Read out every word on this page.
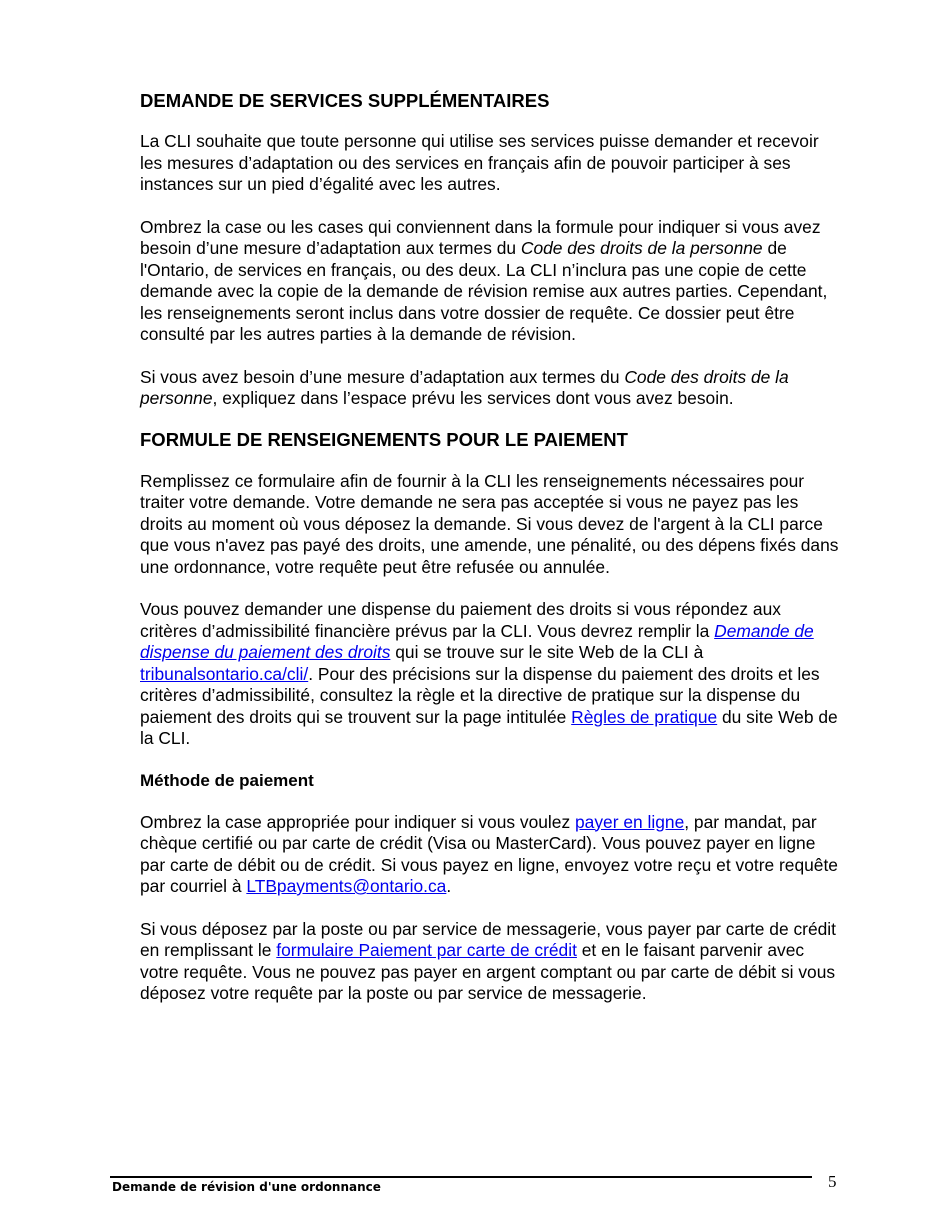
DEMANDE DE SERVICES SUPPLÉMENTAIRES

La CLI souhaite que toute personne qui utilise ses services puisse demander et recevoir les mesures d’adaptation ou des services en français afin de pouvoir participer à ses instances sur un pied d’égalité avec les autres.

Ombrez la case ou les cases qui conviennent dans la formule pour indiquer si vous avez besoin d’une mesure d’adaptation aux termes du Code des droits de la personne de l'Ontario, de services en français, ou des deux. La CLI n’inclura pas une copie de cette demande avec la copie de la demande de révision remise aux autres parties. Cependant, les renseignements seront inclus dans votre dossier de requête. Ce dossier peut être consulté par les autres parties à la demande de révision.

Si vous avez besoin d’une mesure d’adaptation aux termes du Code des droits de la personne, expliquez dans l’espace prévu les services dont vous avez besoin.

FORMULE DE RENSEIGNEMENTS POUR LE PAIEMENT

Remplissez ce formulaire afin de fournir à la CLI les renseignements nécessaires pour traiter votre demande. Votre demande ne sera pas acceptée si vous ne payez pas les droits au moment où vous déposez la demande. Si vous devez de l'argent à la CLI parce que vous n'avez pas payé des droits, une amende, une pénalité, ou des dépens fixés dans une ordonnance, votre requête peut être refusée ou annulée.

Vous pouvez demander une dispense du paiement des droits si vous répondez aux critères d’admissibilité financière prévus par la CLI. Vous devrez remplir la Demande de dispense du paiement des droits qui se trouve sur le site Web de la CLI à tribunalsontario.ca/cli/. Pour des précisions sur la dispense du paiement des droits et les critères d’admissibilité, consultez la règle et la directive de pratique sur la dispense du paiement des droits qui se trouvent sur la page intitulée Règles de pratique du site Web de la CLI.

Méthode de paiement

Ombrez la case appropriée pour indiquer si vous voulez payer en ligne, par mandat, par chèque certifié ou par carte de crédit (Visa ou MasterCard). Vous pouvez payer en ligne par carte de débit ou de crédit. Si vous payez en ligne, envoyez votre reçu et votre requête par courriel à LTBpayments@ontario.ca.

Si vous déposez par la poste ou par service de messagerie, vous payer par carte de crédit en remplissant le formulaire Paiement par carte de crédit et en le faisant parvenir avec votre requête. Vous ne pouvez pas payer en argent comptant ou par carte de débit si vous déposez votre requête par la poste ou par service de messagerie.

Demande de révision d'une ordonnance	5
